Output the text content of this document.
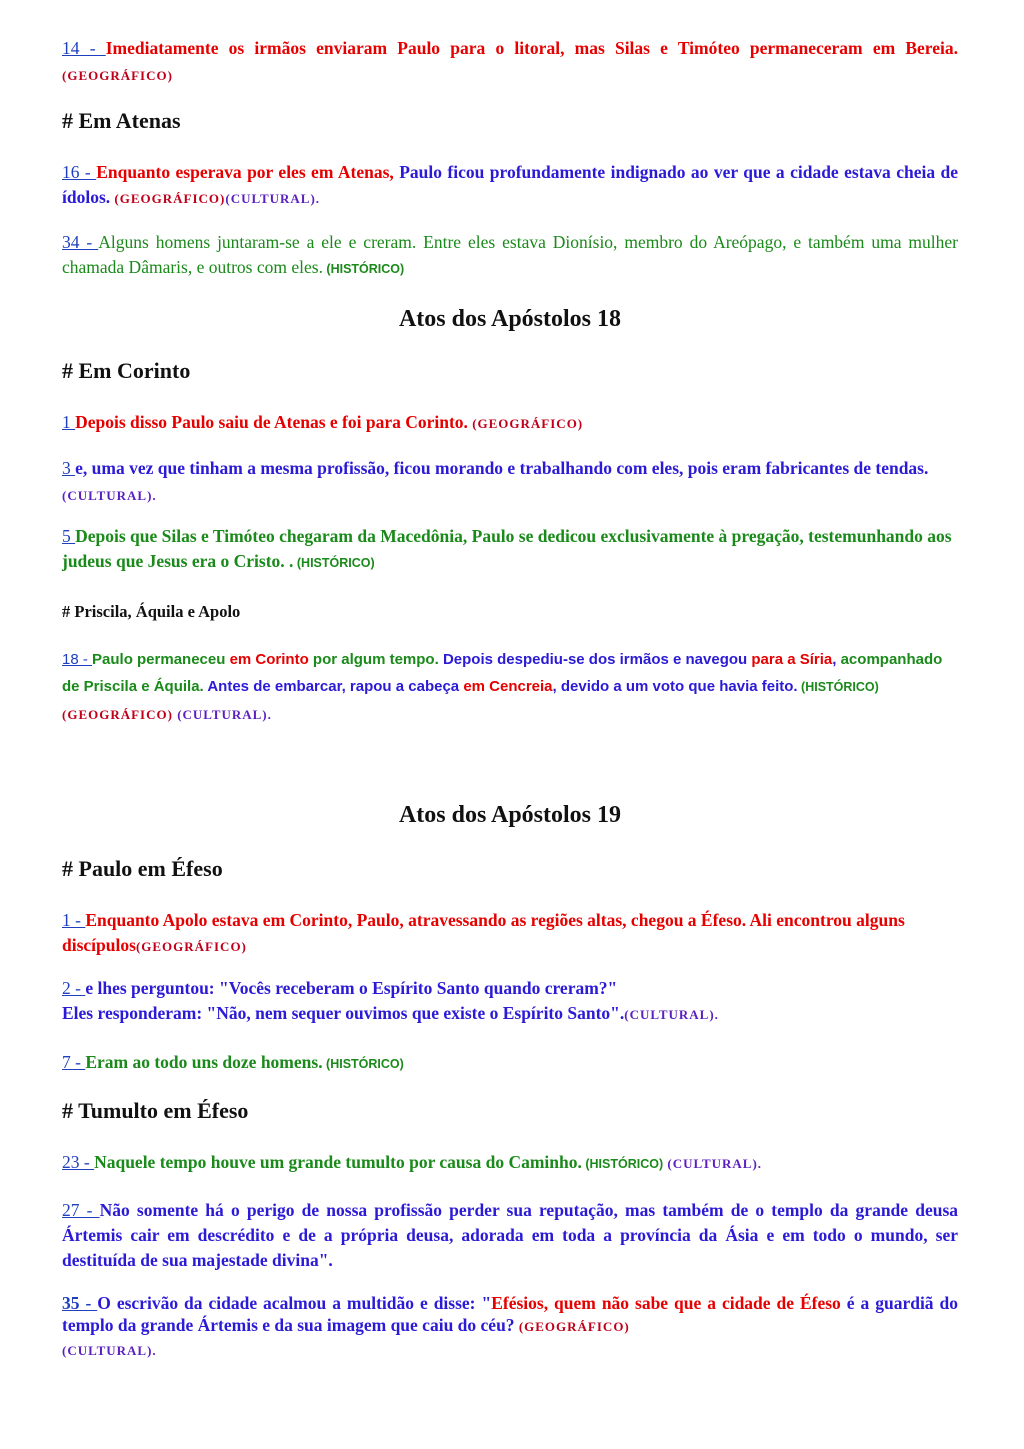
14 - Imediatamente os irmãos enviaram Paulo para o litoral, mas Silas e Timóteo permaneceram em Bereia. (GEOGRÁFICO)

# Em Atenas

16 - Enquanto esperava por eles em Atenas, Paulo ficou profundamente indignado ao ver que a cidade estava cheia de ídolos. (GEOGRÁFICO)(CULTURAL).

34 - Alguns homens juntaram-se a ele e creram. Entre eles estava Dionísio, membro do Areópago, e também uma mulher chamada Dâmaris, e outros com eles. (HISTÓRICO)

Atos dos Apóstolos 18

# Em Corinto

1 Depois disso Paulo saiu de Atenas e foi para Corinto. (GEOGRÁFICO)

3 e, uma vez que tinham a mesma profissão, ficou morando e trabalhando com eles, pois eram fabricantes de tendas. (CULTURAL).

5 Depois que Silas e Timóteo chegaram da Macedônia, Paulo se dedicou exclusivamente à pregação, testemunhando aos judeus que Jesus era o Cristo. . (HISTÓRICO)

# Priscila, Áquila e Apolo

18 - Paulo permaneceu em Corinto por algum tempo. Depois despediu-se dos irmãos e navegou para a Síria, acompanhado de Priscila e Áquila. Antes de embarcar, rapou a cabeça em Cencreia, devido a um voto que havia feito. (HISTÓRICO)(GEOGRÁFICO) (CULTURAL).

Atos dos Apóstolos 19

# Paulo em Éfeso

1 - Enquanto Apolo estava em Corinto, Paulo, atravessando as regiões altas, chegou a Éfeso. Ali encontrou alguns discípulos(GEOGRÁFICO)

2 - e lhes perguntou: "Vocês receberam o Espírito Santo quando creram?"
Eles responderam: "Não, nem sequer ouvimos que existe o Espírito Santo".(CULTURAL).

7 - Eram ao todo uns doze homens. (HISTÓRICO)

# Tumulto em Éfeso

23 - Naquele tempo houve um grande tumulto por causa do Caminho. (HISTÓRICO) (CULTURAL).

27 - Não somente há o perigo de nossa profissão perder sua reputação, mas também de o templo da grande deusa Ártemis cair em descrédito e de a própria deusa, adorada em toda a província da Ásia e em todo o mundo, ser destituída de sua majestade divina".

35 - O escrivão da cidade acalmou a multidão e disse: "Efésios, quem não sabe que a cidade de Éfeso é a guardiã do templo da grande Ártemis e da sua imagem que caiu do céu? (GEOGRÁFICO)
(CULTURAL).
